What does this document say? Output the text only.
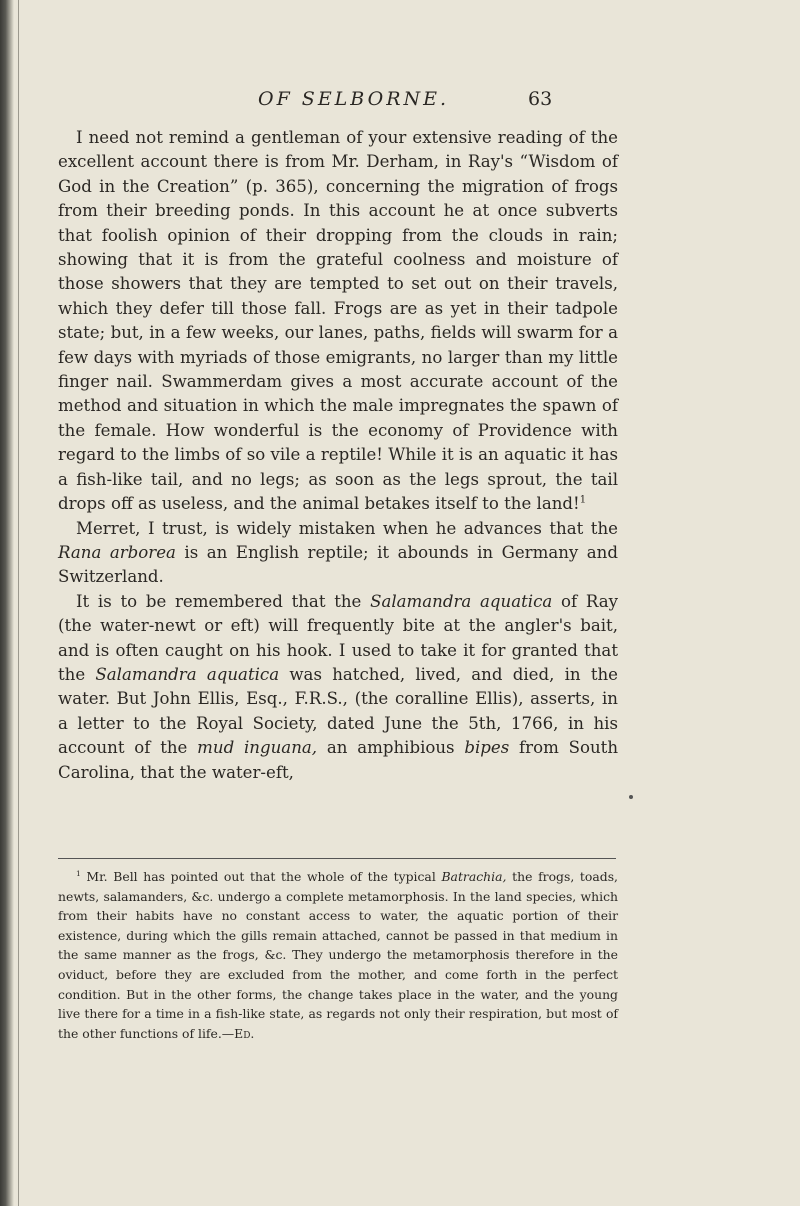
OF SELBORNE.	63

I need not remind a gentleman of your extensive reading of the excellent account there is from Mr. Derham, in Ray's “Wisdom of God in the Creation” (p. 365), concerning the migration of frogs from their breeding ponds. In this account he at once subverts that foolish opinion of their dropping from the clouds in rain; showing that it is from the grateful coolness and moisture of those showers that they are tempted to set out on their travels, which they defer till those fall. Frogs are as yet in their tadpole state; but, in a few weeks, our lanes, paths, fields will swarm for a few days with myriads of those emigrants, no larger than my little finger nail. Swammerdam gives a most accurate account of the method and situation in which the male impregnates the spawn of the female. How wonderful is the economy of Providence with regard to the limbs of so vile a reptile! While it is an aquatic it has a fish-like tail, and no legs; as soon as the legs sprout, the tail drops off as useless, and the animal betakes itself to the land!$^1$

Merret, I trust, is widely mistaken when he advances that the Rana arborea is an English reptile; it abounds in Germany and Switzerland.

It is to be remembered that the Salamandra aquatica of Ray (the water-newt or eft) will frequently bite at the angler's bait, and is often caught on his hook. I used to take it for granted that the Salamandra aquatica was hatched, lived, and died, in the water. But John Ellis, Esq., F.R.S., (the coralline Ellis), asserts, in a letter to the Royal Society, dated June the 5th, 1766, in his account of the mud inguana, an amphibious bipes from South Carolina, that the water-eft,

$^1$ Mr. Bell has pointed out that the whole of the typical Batrachia, the frogs, toads, newts, salamanders, &c. undergo a complete metamorphosis. In the land species, which from their habits have no constant access to water, the aquatic portion of their existence, during which the gills remain attached, cannot be passed in that medium in the same manner as the frogs, &c. They undergo the metamorphosis therefore in the oviduct, before they are excluded from the mother, and come forth in the perfect condition. But in the other forms, the change takes place in the water, and the young live there for a time in a fish-like state, as regards not only their respiration, but most of the other functions of life.—Ed.
